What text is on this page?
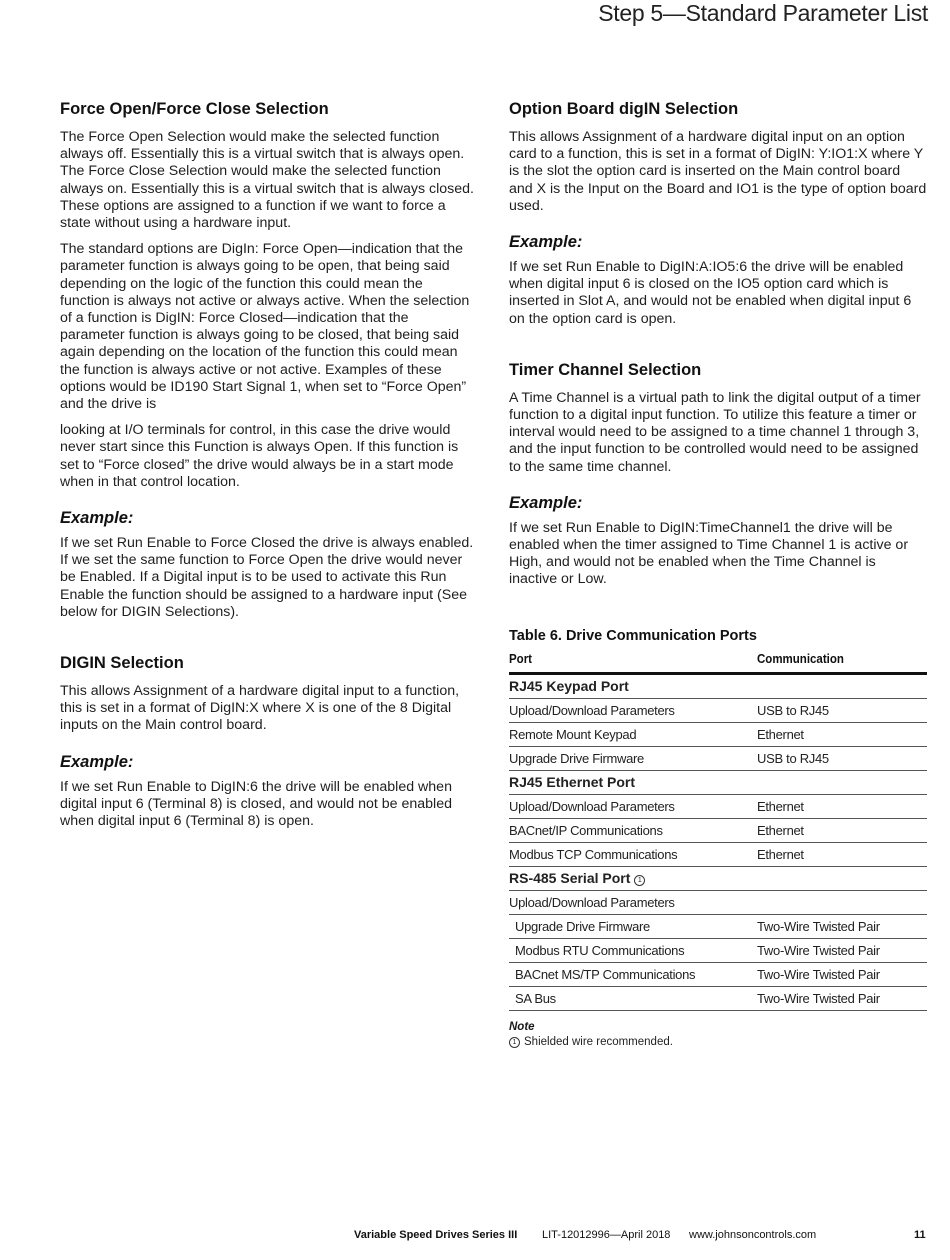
Step 5—Standard Parameter List
Force Open/Force Close Selection

The Force Open Selection would make the selected function always off. Essentially this is a virtual switch that is always open. The Force Close Selection would make the selected function always on. Essentially this is a virtual switch that is always closed. These options are assigned to a function if we want to force a state without using a hardware input.

The standard options are DigIn: Force Open—indication that the parameter function is always going to be open, that being said depending on the logic of the function this could mean the function is always not active or always active. When the selection of a function is DigIN: Force Closed—indication that the parameter function is always going to be closed, that being said again depending on the location of the function this could mean the function is always active or not active. Examples of these options would be ID190 Start Signal 1, when set to “Force Open” and the drive is

looking at I/O terminals for control, in this case the drive would never start since this Function is always Open. If this function is set to “Force closed” the drive would always be in a start mode when in that control location.

Example:

If we set Run Enable to Force Closed the drive is always enabled. If we set the same function to Force Open the drive would never be Enabled. If a Digital input is to be used to activate this Run Enable the function should be assigned to a hardware input (See below for DIGIN Selections).

DIGIN Selection

This allows Assignment of a hardware digital input to a function, this is set in a format of DigIN:X where X is one of the 8 Digital inputs on the Main control board.

Example:

If we set Run Enable to DigIN:6 the drive will be enabled when digital input 6 (Terminal 8) is closed, and would not be enabled when digital input 6 (Terminal 8) is open.

Option Board digIN Selection

This allows Assignment of a hardware digital input on an option card to a function, this is set in a format of DigIN: Y:IO1:X where Y is the slot the option card is inserted on the Main control board and X is the Input on the Board and IO1 is the type of option board used.

Example:

If we set Run Enable to DigIN:A:IO5:6 the drive will be enabled when digital input 6 is closed on the IO5 option card which is inserted in Slot A, and would not be enabled when digital input 6 on the option card is open.

Timer Channel Selection

A Time Channel is a virtual path to link the digital output of a timer function to a digital input function. To utilize this feature a timer or interval would need to be assigned to a time channel 1 through 3, and the input function to be controlled would need to be assigned to the same time channel.

Example:

If we set Run Enable to DigIN:TimeChannel1 the drive will be enabled when the timer assigned to Time Channel 1 is active or High, and would not be enabled when the Time Channel is inactive or Low.

Table 6. Drive Communication Ports
Port	Communication
RJ45 Keypad Port	
Upload/Download Parameters	USB to RJ45
Remote Mount Keypad	Ethernet
Upgrade Drive Firmware	USB to RJ45
RJ45 Ethernet Port	
Upload/Download Parameters	Ethernet
BACnet/IP Communications	Ethernet
Modbus TCP Communications	Ethernet
RS-485 Serial Port 1	
Upload/Download Parameters	
Upgrade Drive Firmware	Two-Wire Twisted Pair
Modbus RTU Communications	Two-Wire Twisted Pair
BACnet MS/TP Communications	Two-Wire Twisted Pair
SA Bus	Two-Wire Twisted Pair
Note
1 Shielded wire recommended.
Variable Speed Drives Series III LIT-12012996—April 2018 www.johnsoncontrols.com	11
